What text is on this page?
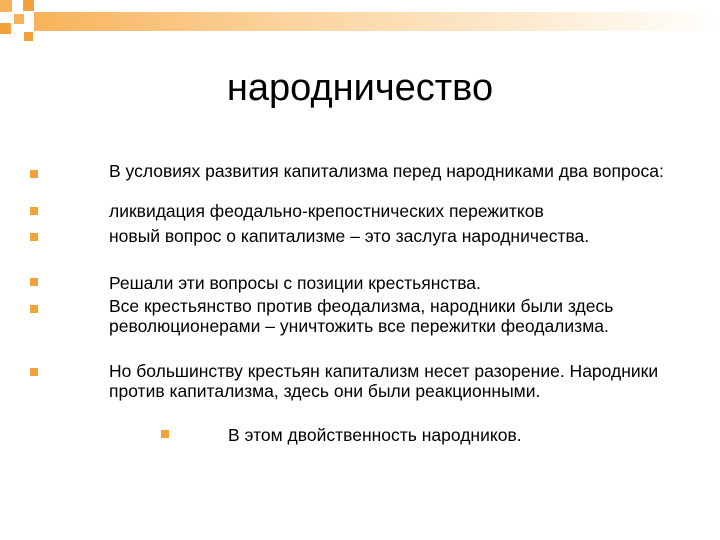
народничество
В условиях развития капитализма перед народниками два вопроса:
ликвидация феодально-крепостнических пережитков
новый вопрос о капитализме – это заслуга народничества.
Решали эти вопросы с позиции крестьянства.
Все крестьянство против феодализма, народники были здесь революционерами – уничтожить все пережитки феодализма.
Но большинству крестьян капитализм несет разорение. Народники против капитализма, здесь они были реакционными.
В этом двойственность народников.
